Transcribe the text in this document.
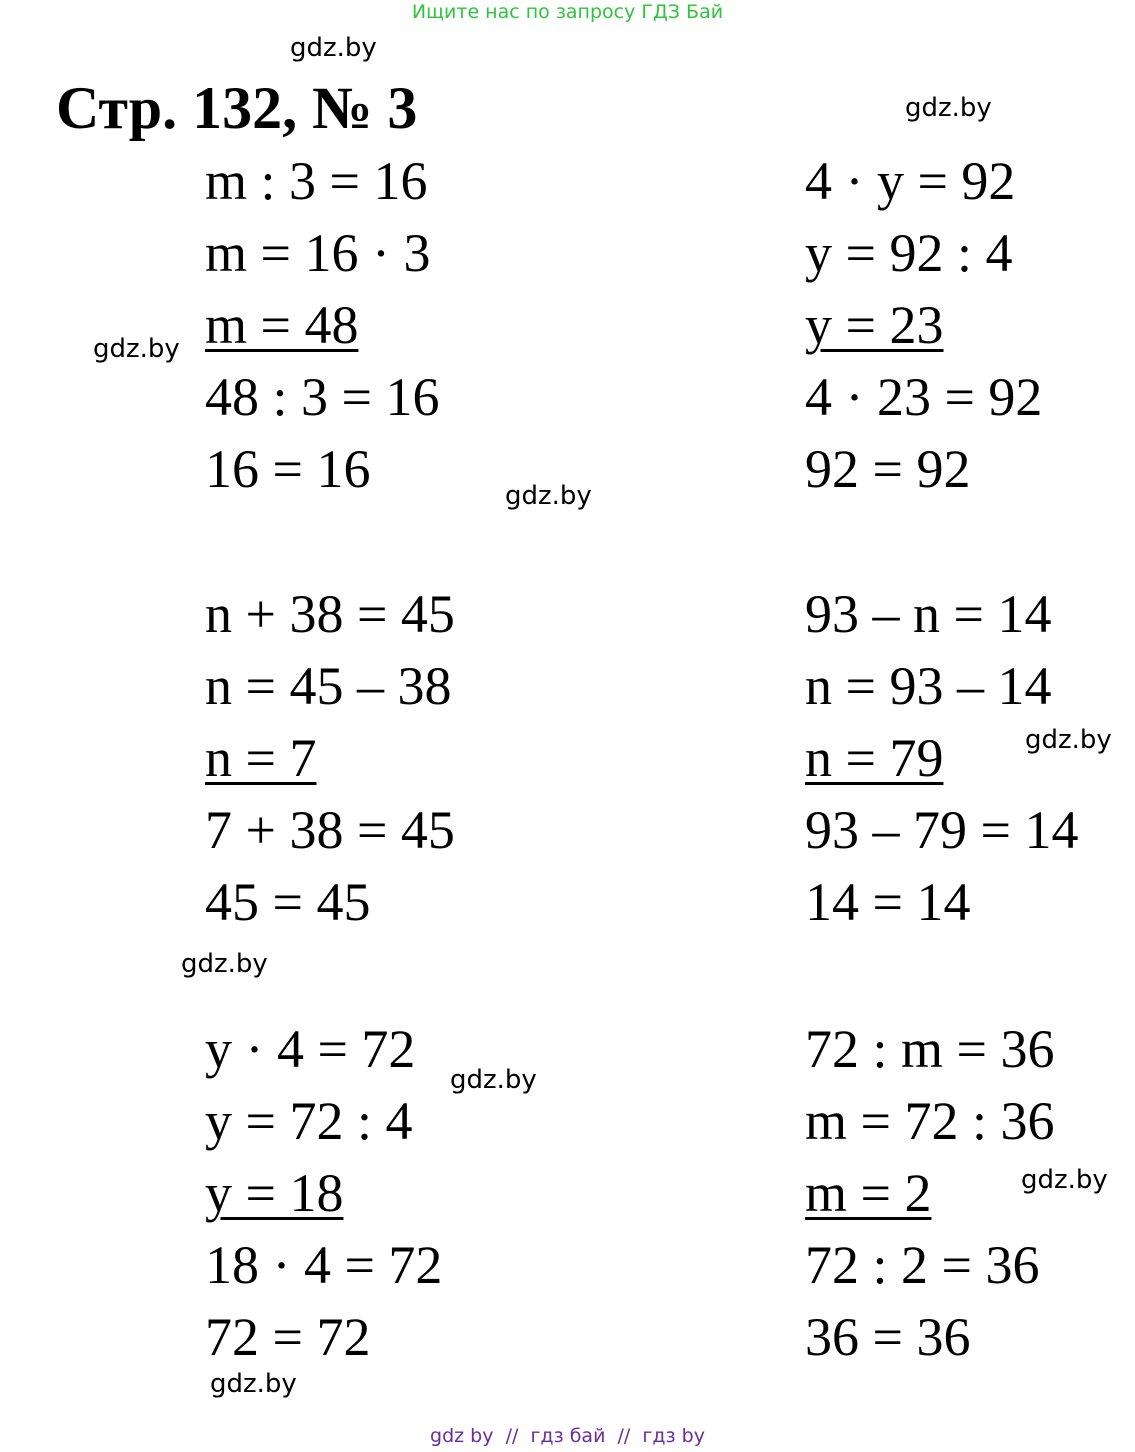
Ищите нас по запросу ГДЗ Бай
Стр. 132, № 3

m : 3 = 16

m = 16 · 3

m = 48

48 : 3 = 16

16 = 16

4 · y = 92

y = 92 : 4

y = 23

4 · 23 = 92

92 = 92

n + 38 = 45

n = 45 – 38

n = 7

7 + 38 = 45

45 = 45

93 – n = 14

n = 93 – 14

n = 79

93 – 79 = 14

14 = 14

y · 4 = 72

y = 72 : 4

y = 18

18 · 4 = 72

72 = 72

72 : m = 36

m = 72 : 36

m = 2

72 : 2 = 36

36 = 36

gdz.by
gdz.by
gdz.by
gdz.by
gdz.by
gdz.by
gdz.by
gdz.by
gdz.by
gdz by  //  гдз бай  //  гдз by
